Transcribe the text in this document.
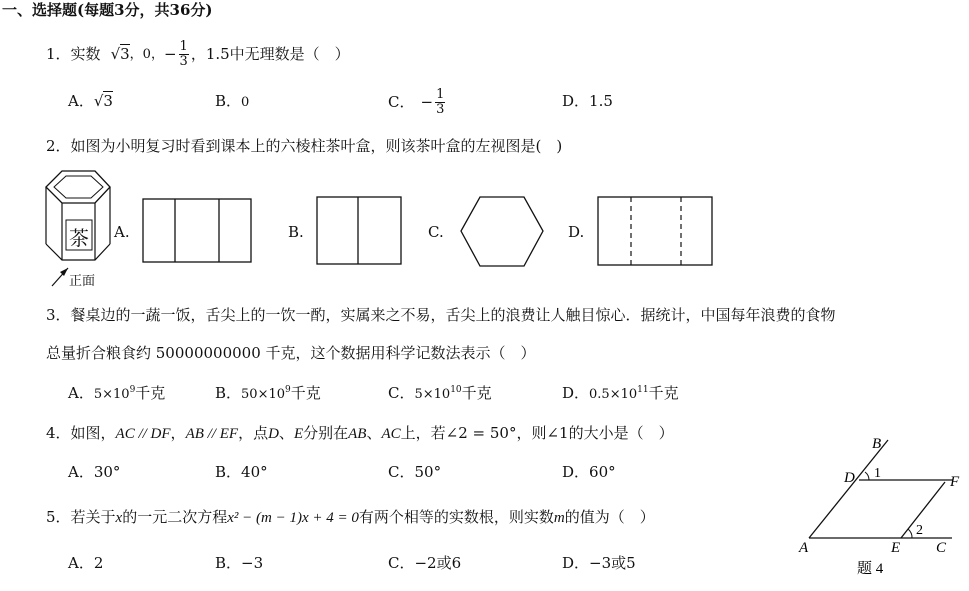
一、选择题(每题3分，共36分)
1． 实数 √3 ，0， − $\frac{1}{3}$ ，1.5中无理数是（　）
A．√3	B．0	C． − $\frac{1}{3}$	D．1.5
2．如图为小明复习时看到课本上的六棱柱茶叶盒，则该茶叶盒的左视图是(　)
茶
正面
A.	B.	C.	D.
3．餐桌边的一蔬一饭，舌尖上的一饮一酌，实属来之不易，舌尖上的浪费让人触目惊心．据统计，中国每年浪费的食物
总量折合粮食约 50000000000 千克，这个数据用科学记数法表示（　）
A．$5\times 10^9$千克	B．$50\times 10^9$千克	C．$5\times 10^{10}$千克	D．$0.5\times 10^{11}$千克
4．如图，AC // DF，AB // EF，点D、E分别在AB、AC上，若∠2 = 50°，则∠1的大小是（　）
A．30°	B．40°	C．50°	D．60°
5．若关于x的一元二次方程x² − (m − 1)x + 4 = 0有两个相等的实数根，则实数m的值为（　）
A．2	B．−3	C．−2或6	D．−3或5
B
D 1
F
2
A	E C
题 4
